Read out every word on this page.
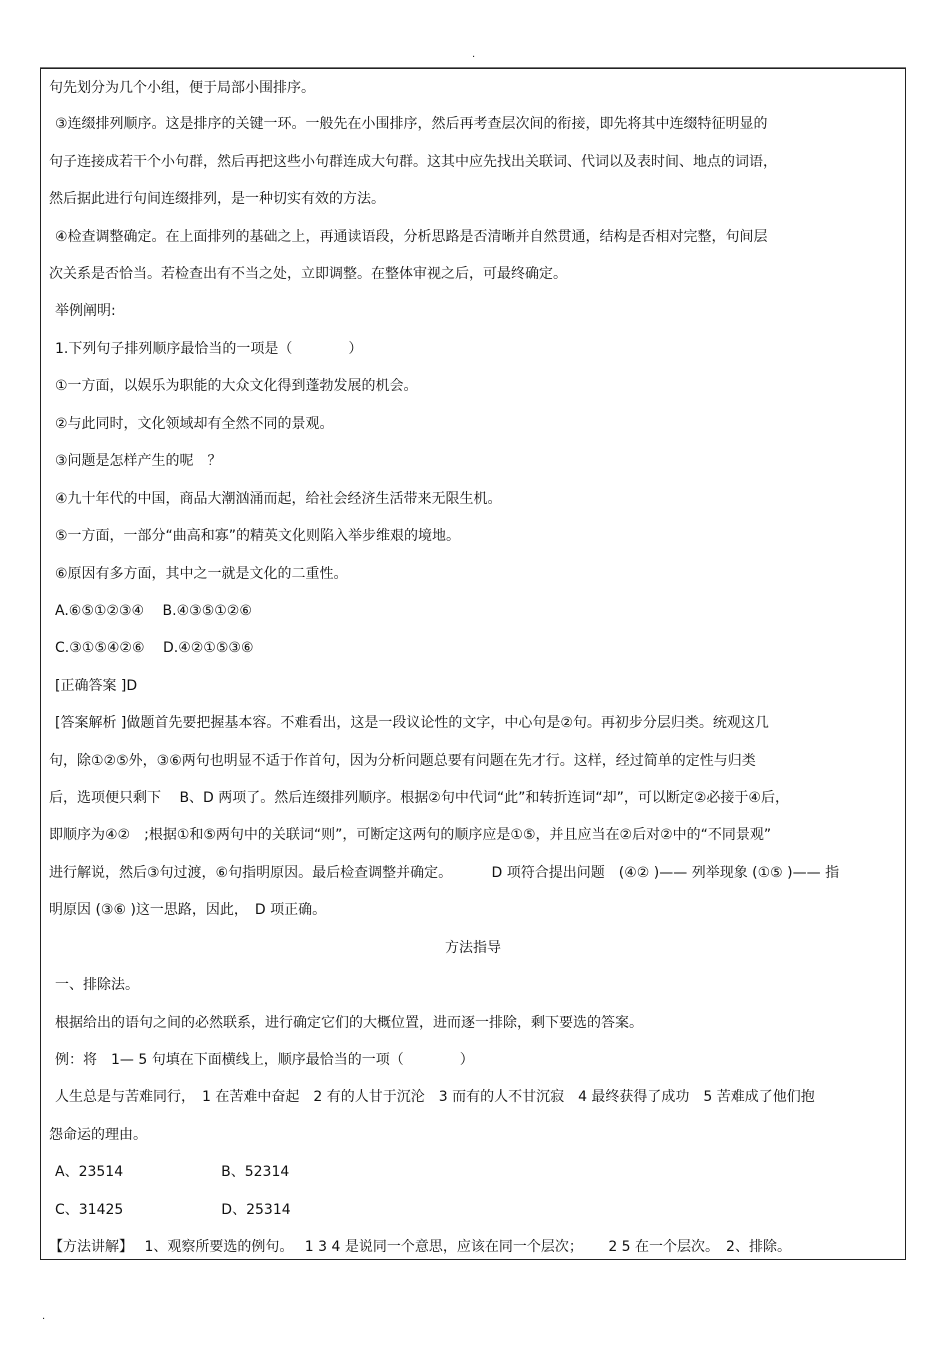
.
句先划分为几个小组，便于局部小围排序。
③连缀排列顺序。这是排序的关键一环。一般先在小围排序，然后再考查层次间的衔接，即先将其中连缀特征明显的
句子连接成若干个小句群，然后再把这些小句群连成大句群。这其中应先找出关联词、代词以及表时间、地点的词语，
然后据此进行句间连缀排列，是一种切实有效的方法。
④检查调整确定。在上面排列的基础之上，再通读语段，分析思路是否清晰并自然贯通，结构是否相对完整，句间层
次关系是否恰当。若检查出有不当之处，立即调整。在整体审视之后，可最终确定。
举例阐明:
1.下列句子排列顺序最恰当的一项是（　　　　）
①一方面，以娱乐为职能的大众文化得到蓬勃发展的机会。
②与此同时，文化领域却有全然不同的景观。
③问题是怎样产生的呢　？
④九十年代的中国，商品大潮汹涌而起，给社会经济生活带来无限生机。
⑤一方面，一部分“曲高和寡”的精英文化则陷入举步维艰的境地。
⑥原因有多方面，其中之一就是文化的二重性。
A.⑥⑤①②③④　 B.④③⑤①②⑥
C.③①⑤④②⑥　 D.④②①⑤③⑥
[正确答案 ]D
[答案解析 ]做题首先要把握基本容。不难看出，这是一段议论性的文字，中心句是②句。再初步分层归类。统观这几
句，除①②⑤外，③⑥两句也明显不适于作首句，因为分析问题总要有问题在先才行。这样，经过简单的定性与归类
后，选项便只剩下　 B、D 两项了。然后连缀排列顺序。根据②句中代词“此”和转折连词“却”，可以断定②必接于④后，
即顺序为④②　;根据①和⑤两句中的关联词“则”，可断定这两句的顺序应是①⑤，并且应当在②后对②中的“不同景观”
进行解说，然后③句过渡，⑥句指明原因。最后检查调整并确定。　　　 D 项符合提出问题　(④② )—— 列举现象 (①⑤ )—— 指
明原因 (③⑥ )这一思路，因此，　D 项正确。
方法指导
一、排除法。
根据给出的语句之间的必然联系，进行确定它们的大概位置，进而逐一排除，剩下要选的答案。
例：将　1— 5 句填在下面横线上，顺序最恰当的一项（　　　　）
人生总是与苦难同行，　1 在苦难中奋起　2 有的人甘于沉沦　3 而有的人不甘沉寂　4 最终获得了成功　5 苦难成了他们抱
怨命运的理由。
A、23514　　　　　　　B、52314
C、31425　　　　　　　D、25314
【方法讲解】　 1、观察所要选的例句。　 1 3 4 是说同一个意思，应该在同一个层次；　　 2 5 在一个层次。　2、排除。
.
